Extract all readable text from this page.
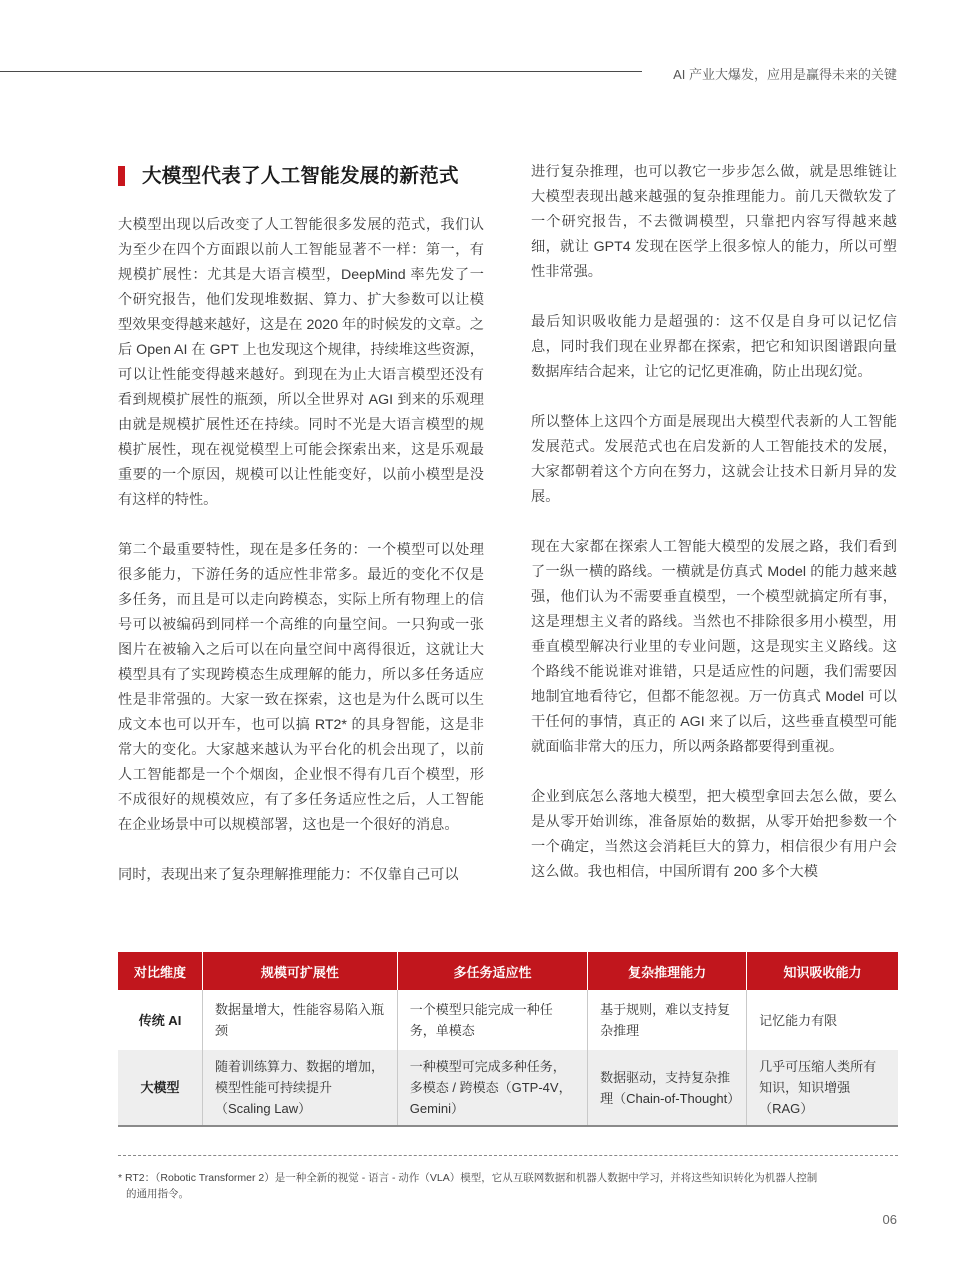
AI 产业大爆发，应用是赢得未来的关键
大模型代表了人工智能发展的新范式

大模型出现以后改变了人工智能很多发展的范式，我们认为至少在四个方面跟以前人工智能显著不一样：第一，有规模扩展性：尤其是大语言模型，DeepMind 率先发了一个研究报告，他们发现堆数据、算力、扩大参数可以让模型效果变得越来越好，这是在 2020 年的时候发的文章。之后 Open AI 在 GPT 上也发现这个规律，持续堆这些资源，可以让性能变得越来越好。到现在为止大语言模型还没有看到规模扩展性的瓶颈，所以全世界对 AGI 到来的乐观理由就是规模扩展性还在持续。同时不光是大语言模型的规模扩展性，现在视觉模型上可能会探索出来，这是乐观最重要的一个原因，规模可以让性能变好，以前小模型是没有这样的特性。

第二个最重要特性，现在是多任务的：一个模型可以处理很多能力，下游任务的适应性非常多。最近的变化不仅是多任务，而且是可以走向跨模态，实际上所有物理上的信号可以被编码到同样一个高维的向量空间。一只狗或一张图片在被输入之后可以在向量空间中离得很近，这就让大模型具有了实现跨模态生成理解的能力，所以多任务适应性是非常强的。大家一致在探索，这也是为什么既可以生成文本也可以开车，也可以搞 RT2* 的具身智能，这是非常大的变化。大家越来越认为平台化的机会出现了，以前人工智能都是一个个烟囱，企业恨不得有几百个模型，形不成很好的规模效应，有了多任务适应性之后，人工智能在企业场景中可以规模部署，这也是一个很好的消息。

同时，表现出来了复杂理解推理能力：不仅靠自己可以

进行复杂推理，也可以教它一步步怎么做，就是思维链让大模型表现出越来越强的复杂推理能力。前几天微软发了一个研究报告，不去微调模型，只靠把内容写得越来越细，就让 GPT4 发现在医学上很多惊人的能力，所以可塑性非常强。

最后知识吸收能力是超强的：这不仅是自身可以记忆信息，同时我们现在业界都在探索，把它和知识图谱跟向量数据库结合起来，让它的记忆更准确，防止出现幻觉。

所以整体上这四个方面是展现出大模型代表新的人工智能发展范式。发展范式也在启发新的人工智能技术的发展，大家都朝着这个方向在努力，这就会让技术日新月异的发展。

现在大家都在探索人工智能大模型的发展之路，我们看到了一纵一横的路线。一横就是仿真式 Model 的能力越来越强，他们认为不需要垂直模型，一个模型就搞定所有事，这是理想主义者的路线。当然也不排除很多用小模型，用垂直模型解决行业里的专业问题，这是现实主义路线。这个路线不能说谁对谁错，只是适应性的问题，我们需要因地制宜地看待它，但都不能忽视。万一仿真式 Model 可以干任何的事情，真正的 AGI 来了以后，这些垂直模型可能就面临非常大的压力，所以两条路都要得到重视。

企业到底怎么落地大模型，把大模型拿回去怎么做，要么是从零开始训练，准备原始的数据，从零开始把参数一个一个确定，当然这会消耗巨大的算力，相信很少有用户会这么做。我也相信，中国所谓有 200 多个大模

对比维度	规模可扩展性	多任务适应性	复杂推理能力	知识吸收能力
传统 AI	数据量增大，性能容易陷入瓶颈	一个模型只能完成一种任务，单模态	基于规则，难以支持复杂推理	记忆能力有限
大模型	随着训练算力、数据的增加，模型性能可持续提升（Scaling Law）	一种模型可完成多种任务，多模态 / 跨模态（GTP-4V，Gemini）	数据驱动，支持复杂推理（Chain-of-Thought）	几乎可压缩人类所有知识，知识增强（RAG）
* RT2：（Robotic Transformer 2）是一种全新的视觉 - 语言 - 动作（VLA）模型，它从互联网数据和机器人数据中学习，并将这些知识转化为机器人控制
的通用指令。
06
